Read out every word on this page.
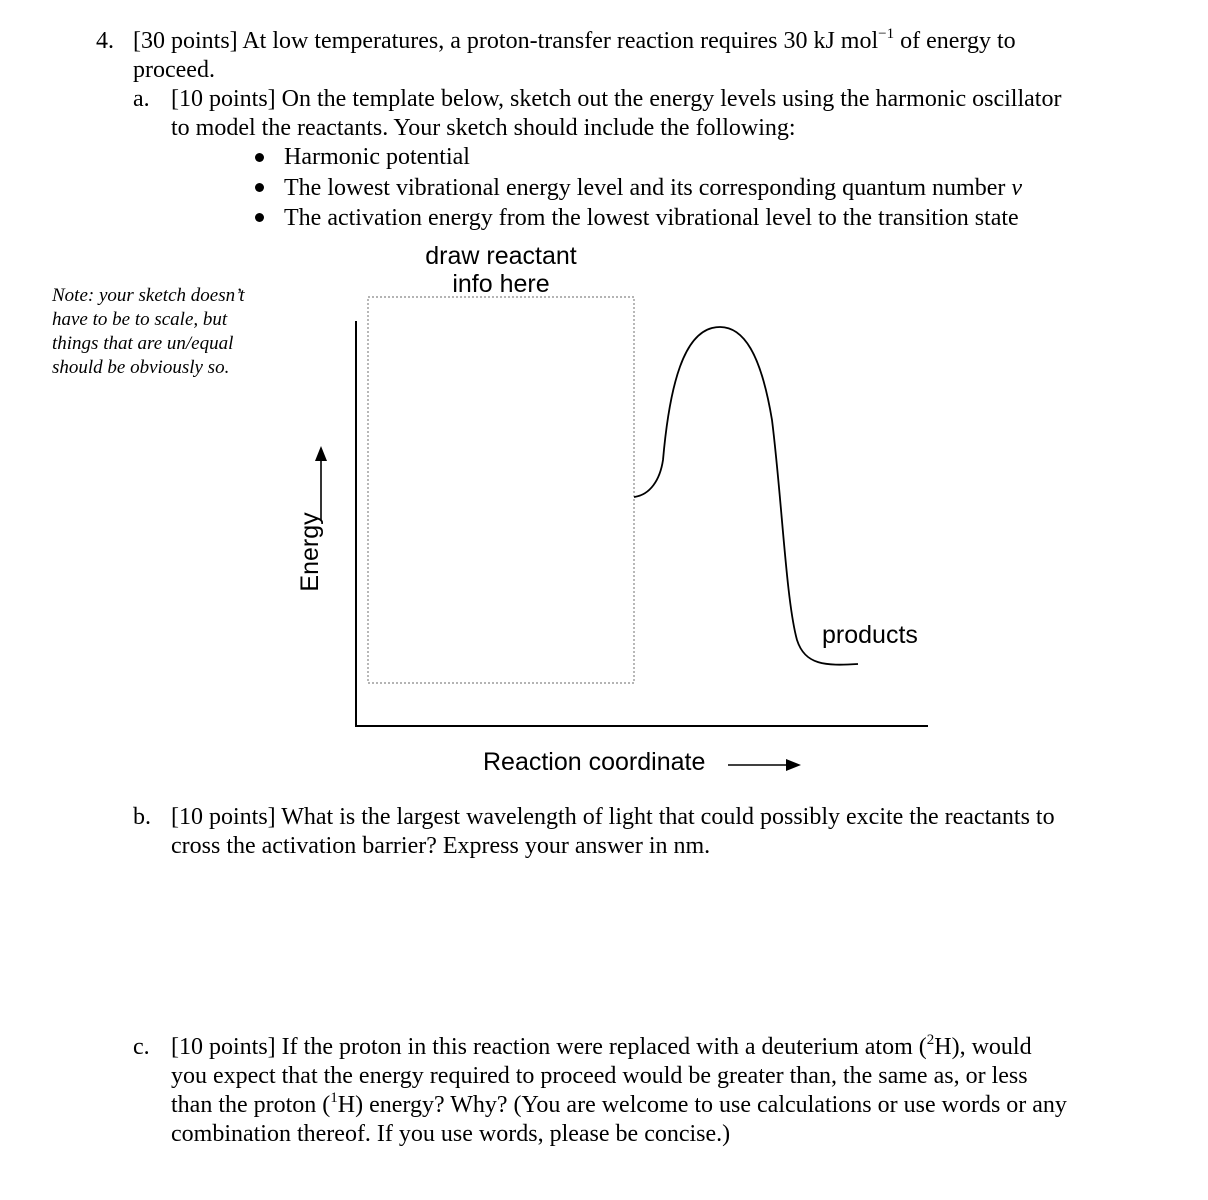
4. [30 points] At low temperatures, a proton-transfer reaction requires 30 kJ mol$^{-1}$ of energy to
proceed.
a. [10 points] On the template below, sketch out the energy levels using the harmonic oscillator
to model the reactants. Your sketch should include the following:
Harmonic potential
The lowest vibrational energy level and its corresponding quantum number v
The activation energy from the lowest vibrational level to the transition state
Note: your sketch doesn’t
have to be to scale, but
things that are un/equal
should be obviously so.
draw reactant
info here
Energy
Reaction coordinate
products
b. [10 points] What is the largest wavelength of light that could possibly excite the reactants to
cross the activation barrier? Express your answer in nm.
c. [10 points] If the proton in this reaction were replaced with a deuterium atom ($^2$H), would
you expect that the energy required to proceed would be greater than, the same as, or less
than the proton ($^1$H) energy? Why? (You are welcome to use calculations or use words or any
combination thereof. If you use words, please be concise.)
